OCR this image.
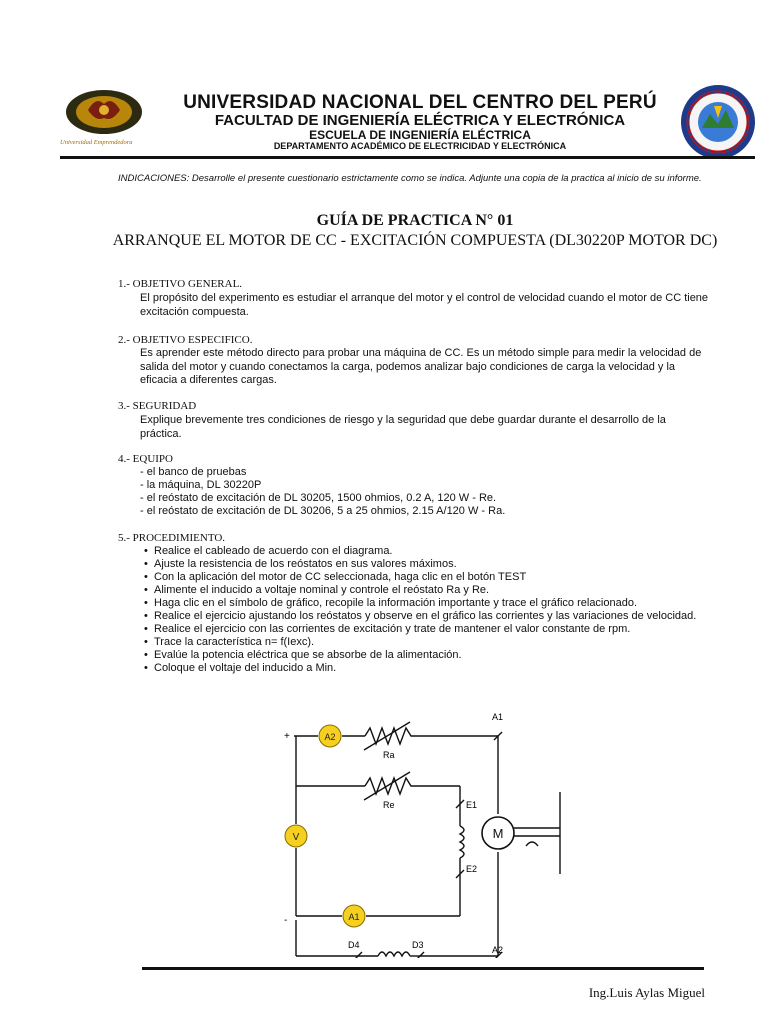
Universidad Emprendedora
UNIVERSIDAD NACIONAL DEL CENTRO DEL PERÚ
FACULTAD DE INGENIERÍA ELÉCTRICA Y ELECTRÓNICA
ESCUELA DE INGENIERÍA ELÉCTRICA
DEPARTAMENTO ACADÉMICO DE ELECTRICIDAD Y ELECTRÓNICA
INDICACIONES: Desarrolle el presente cuestionario estrictamente como se indica. Adjunte una copia de la practica al inicio de su informe.
GUÍA DE PRACTICA N° 01
ARRANQUE EL MOTOR DE CC - EXCITACIÓN COMPUESTA (DL30220P MOTOR DC)
1.- OBJETIVO GENERAL.
El propósito del experimento es estudiar el arranque del motor y el control de velocidad cuando el motor de CC tiene excitación compuesta.
2.- OBJETIVO ESPECIFICO.
Es aprender este método directo para probar una máquina de CC. Es un método simple para medir la velocidad de salida del motor y cuando conectamos la carga, podemos analizar bajo condiciones de carga la velocidad y la eficacia a diferentes cargas.
3.- SEGURIDAD
Explique brevemente tres condiciones de riesgo y la seguridad que debe guardar durante el desarrollo de la práctica.
4.- EQUIPO
- el banco de pruebas
- la máquina, DL 30220P
- el reóstato de excitación de DL 30205, 1500 ohmios, 0.2 A, 120 W - Re.
- el reóstato de excitación de DL 30206, 5 a 25 ohmios, 2.15 A/120 W - Ra.
5.- PROCEDIMIENTO.
• Realice el cableado de acuerdo con el diagrama.
• Ajuste la resistencia de los reóstatos en sus valores máximos.
• Con la aplicación del motor de CC seleccionada, haga clic en el botón TEST
• Alimente el inducido a voltaje nominal y controle el reóstato Ra y Re.
• Haga clic en el símbolo de gráfico, recopile la información importante y trace el gráfico relacionado.
• Realice el ejercicio ajustando los reóstatos y observe en el gráfico las corrientes y las variaciones de velocidad.
• Realice el ejercicio con las corrientes de excitación y trate de mantener el valor constante de rpm.
• Trace la característica n= f(Iexc).
• Evalúe la potencia eléctrica que se absorbe de la alimentación.
• Coloque el voltaje del inducido a Min.
A2
V
A1
M
+
-
Ra
Re
A1
A2
E1
E2
D4	D3
Ing.Luis Aylas Miguel
